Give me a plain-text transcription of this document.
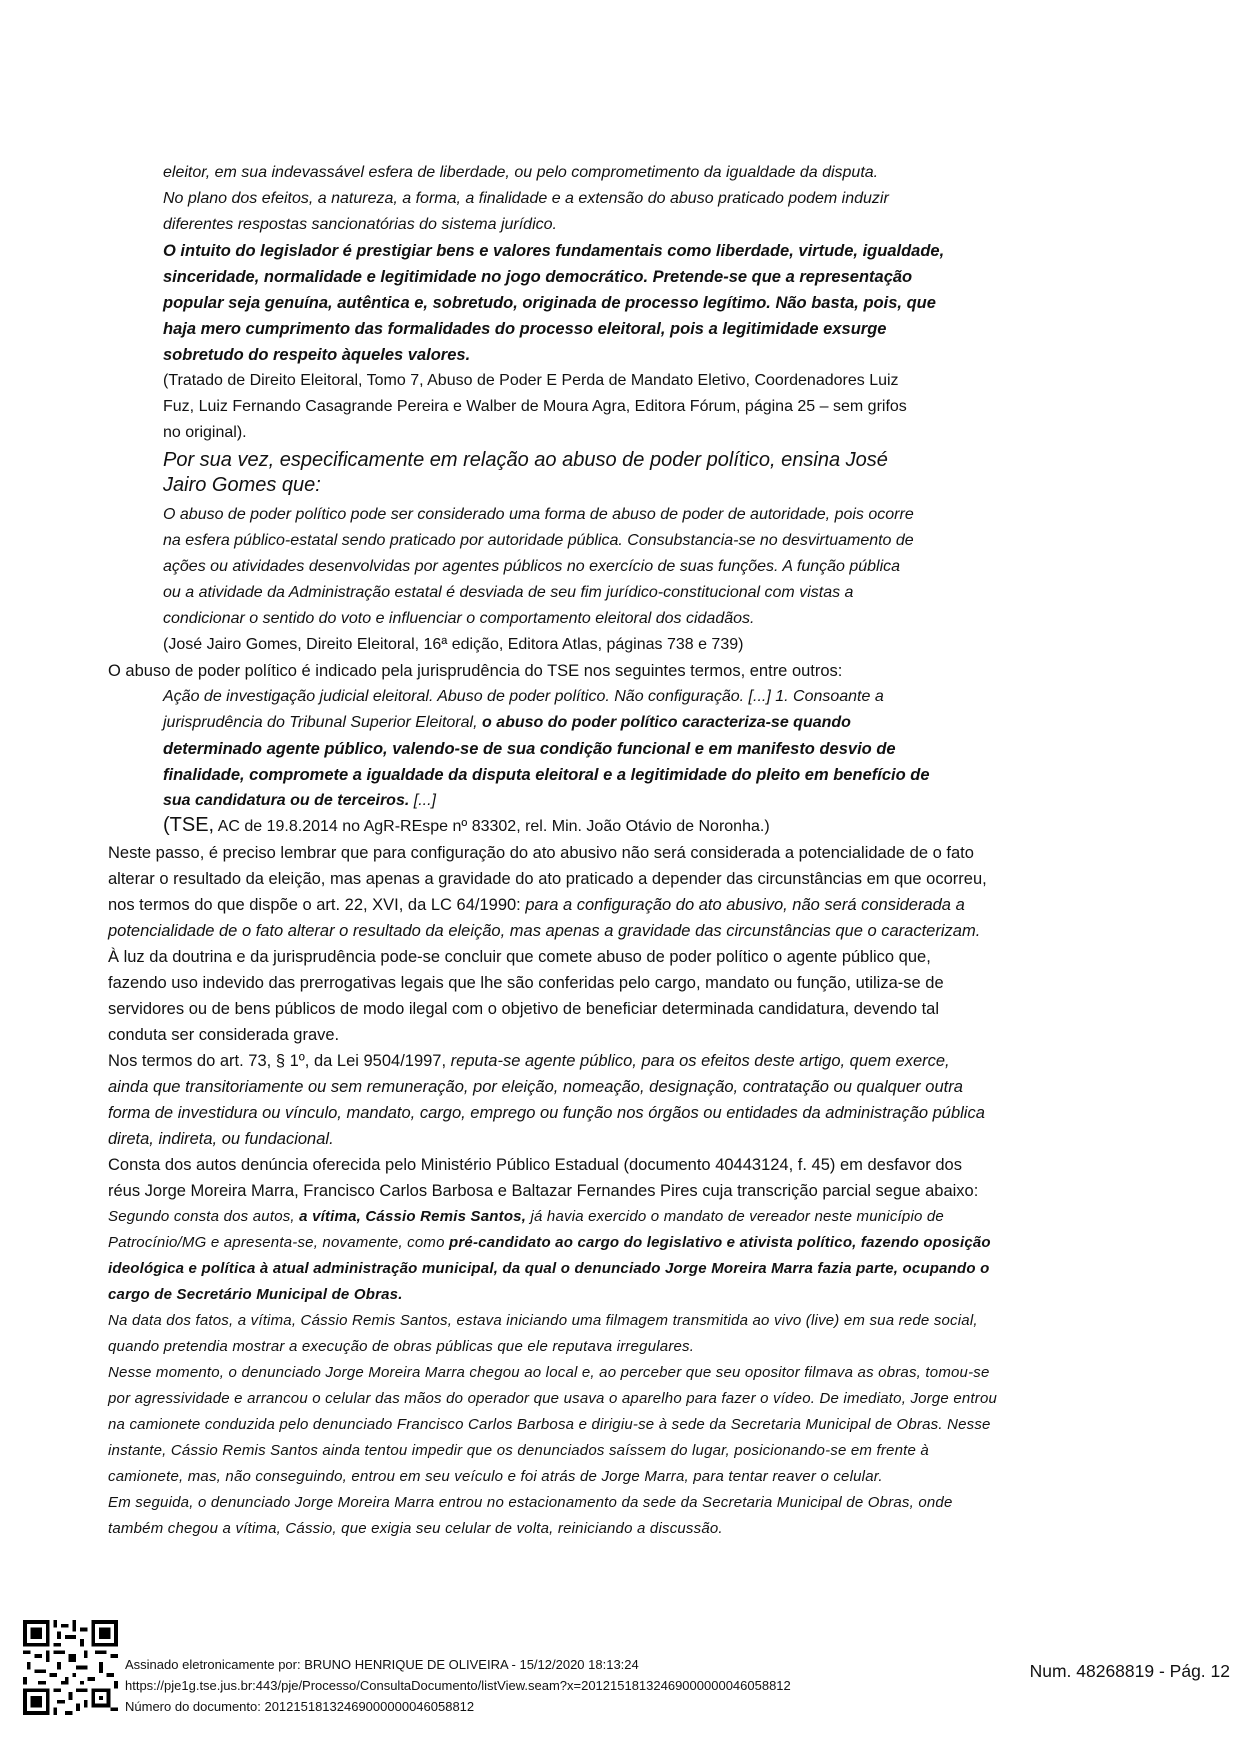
eleitor, em sua indevassável esfera de liberdade, ou pelo comprometimento da igualdade da disputa.

No plano dos efeitos, a natureza, a forma, a finalidade e a extensão do abuso praticado podem induzir

diferentes respostas sancionatórias do sistema jurídico.

O intuito do legislador é prestigiar bens e valores fundamentais como liberdade, virtude, igualdade,

sinceridade, normalidade e legitimidade no jogo democrático. Pretende-se que a representação

popular seja genuína, autêntica e, sobretudo, originada de processo legítimo. Não basta, pois, que

haja mero cumprimento das formalidades do processo eleitoral, pois a legitimidade exsurge

sobretudo do respeito àqueles valores.

(Tratado de Direito Eleitoral, Tomo 7, Abuso de Poder E Perda de Mandato Eletivo, Coordenadores Luiz

Fuz, Luiz Fernando Casagrande Pereira e Walber de Moura Agra, Editora Fórum, página 25 – sem grifos

no original).

Por sua vez, especificamente em relação ao abuso de poder político, ensina José

Jairo Gomes que:

O abuso de poder político pode ser considerado uma forma de abuso de poder de autoridade, pois ocorre

na esfera público-estatal sendo praticado por autoridade pública. Consubstancia-se no desvirtuamento de

ações ou atividades desenvolvidas por agentes públicos no exercício de suas funções. A função pública

ou a atividade da Administração estatal é desviada de seu fim jurídico-constitucional com vistas a

condicionar o sentido do voto e influenciar o comportamento eleitoral dos cidadãos.

(José Jairo Gomes, Direito Eleitoral, 16ª edição, Editora Atlas, páginas 738 e 739)

O abuso de poder político é indicado pela jurisprudência do TSE nos seguintes termos, entre outros:

Ação de investigação judicial eleitoral. Abuso de poder político. Não configuração. [...] 1. Consoante a

jurisprudência do Tribunal Superior Eleitoral, o abuso do poder político caracteriza-se quando

determinado agente público, valendo-se de sua condição funcional e em manifesto desvio de

finalidade, compromete a igualdade da disputa eleitoral e a legitimidade do pleito em benefício de

sua candidatura ou de terceiros. [...]

(TSE, AC de 19.8.2014 no AgR-REspe nº 83302, rel. Min. João Otávio de Noronha.)

Neste passo, é preciso lembrar que para configuração do ato abusivo não será considerada a potencialidade de o fato

alterar o resultado da eleição, mas apenas a gravidade do ato praticado a depender das circunstâncias em que ocorreu,

nos termos do que dispõe o art. 22, XVI, da LC 64/1990: para a configuração do ato abusivo, não será considerada a

potencialidade de o fato alterar o resultado da eleição, mas apenas a gravidade das circunstâncias que o caracterizam.

À luz da doutrina e da jurisprudência pode-se concluir que comete abuso de poder político o agente público que,

fazendo uso indevido das prerrogativas legais que lhe são conferidas pelo cargo, mandato ou função, utiliza-se de

servidores ou de bens públicos de modo ilegal com o objetivo de beneficiar determinada candidatura, devendo tal

conduta ser considerada grave.

Nos termos do art. 73, § 1º, da Lei 9504/1997, reputa-se agente público, para os efeitos deste artigo, quem exerce,

ainda que transitoriamente ou sem remuneração, por eleição, nomeação, designação, contratação ou qualquer outra

forma de investidura ou vínculo, mandato, cargo, emprego ou função nos órgãos ou entidades da administração pública

direta, indireta, ou fundacional.

Consta dos autos denúncia oferecida pelo Ministério Público Estadual (documento 40443124, f. 45) em desfavor dos

réus Jorge Moreira Marra, Francisco Carlos Barbosa e Baltazar Fernandes Pires cuja transcrição parcial segue abaixo:

Segundo consta dos autos, a vítima, Cássio Remis Santos, já havia exercido o mandato de vereador neste município de

Patrocínio/MG e apresenta-se, novamente, como pré-candidato ao cargo do legislativo e ativista político, fazendo oposição

ideológica e política à atual administração municipal, da qual o denunciado Jorge Moreira Marra fazia parte, ocupando o

cargo de Secretário Municipal de Obras.

Na data dos fatos, a vítima, Cássio Remis Santos, estava iniciando uma filmagem transmitida ao vivo (live) em sua rede social,

quando pretendia mostrar a execução de obras públicas que ele reputava irregulares.

Nesse momento, o denunciado Jorge Moreira Marra chegou ao local e, ao perceber que seu opositor filmava as obras, tomou-se

por agressividade e arrancou o celular das mãos do operador que usava o aparelho para fazer o vídeo. De imediato, Jorge entrou

na camionete conduzida pelo denunciado Francisco Carlos Barbosa e dirigiu-se à sede da Secretaria Municipal de Obras. Nesse

instante, Cássio Remis Santos ainda tentou impedir que os denunciados saíssem do lugar, posicionando-se em frente à

camionete, mas, não conseguindo, entrou em seu veículo e foi atrás de Jorge Marra, para tentar reaver o celular.

Em seguida, o denunciado Jorge Moreira Marra entrou no estacionamento da sede da Secretaria Municipal de Obras, onde

também chegou a vítima, Cássio, que exigia seu celular de volta, reiniciando a discussão.

Assinado eletronicamente por: BRUNO HENRIQUE DE OLIVEIRA - 15/12/2020 18:13:24
https://pje1g.tse.jus.br:443/pje/Processo/ConsultaDocumento/listView.seam?x=20121518132469000000046058812
Número do documento: 20121518132469000000046058812
Num. 48268819 - Pág. 12
